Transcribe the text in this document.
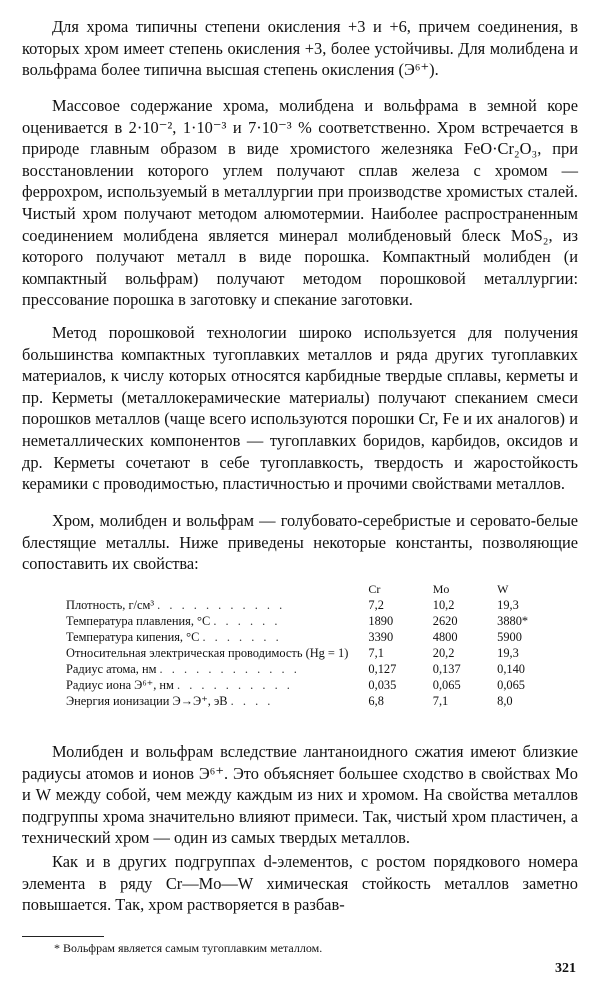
Для хрома типичны степени окисления +3 и +6, причем соединения, в которых хром имеет степень окисления +3, более устойчивы. Для молибдена и вольфрама более типична высшая степень окисления (Э⁶⁺).

Массовое содержание хрома, молибдена и вольфрама в земной коре оценивается в 2·10⁻², 1·10⁻³ и 7·10⁻³ % соответственно. Хром встречается в природе главным образом в виде хромистого железняка FeO·Cr₂O₃, при восстановлении которого углем получают сплав железа с хромом — феррохром, используемый в металлургии при производстве хромистых сталей. Чистый хром получают методом алюмотермии. Наиболее распространенным соединением молибдена является минерал молибденовый блеск MoS₂, из которого получают металл в виде порошка. Компактный молибден (и компактный вольфрам) получают методом порошковой металлургии: прессование порошка в заготовку и спекание заготовки.

Метод порошковой технологии широко используется для получения большинства компактных тугоплавких металлов и ряда других тугоплавких материалов, к числу которых относятся карбидные твердые сплавы, керметы и пр. Керметы (металлокерамические материалы) получают спеканием смеси порошков металлов (чаще всего используются порошки Cr, Fe и их аналогов) и неметаллических компонентов — тугоплавких боридов, карбидов, оксидов и др. Керметы сочетают в себе тугоплавкость, твердость и жаростойкость керамики с проводимостью, пластичностью и прочими свойствами металлов.

Хром, молибден и вольфрам — голубовато-серебристые и серовато-белые блестящие металлы. Ниже приведены некоторые константы, позволяющие сопоставить их свойства:

	Cr	Mo	W
Плотность, г/см³ . . . . . . . . . . .	7,2	10,2	19,3
Температура плавления, °C . . . . . .	1890	2620	3880*
Температура кипения, °C . . . . . . .	3390	4800	5900
Относительная электрическая проводимость (Hg = 1)	7,1	20,2	19,3
Радиус атома, нм . . . . . . . . . . . .	0,127	0,137	0,140
Радиус иона Э⁶⁺, нм . . . . . . . . . .	0,035	0,065	0,065
Энергия ионизации Э→Э⁺, эВ . . . .	6,8	7,1	8,0

Молибден и вольфрам вследствие лантаноидного сжатия имеют близкие радиусы атомов и ионов Э⁶⁺. Это объясняет большее сходство в свойствах Mo и W между собой, чем между каждым из них и хромом. На свойства металлов подгруппы хрома значительно влияют примеси. Так, чистый хром пластичен, а технический хром — один из самых твердых металлов.

Как и в других подгруппах d-элементов, с ростом порядкового номера элемента в ряду Cr—Mo—W химическая стойкость металлов заметно повышается. Так, хром растворяется в разбав-

* Вольфрам является самым тугоплавким металлом.
321
